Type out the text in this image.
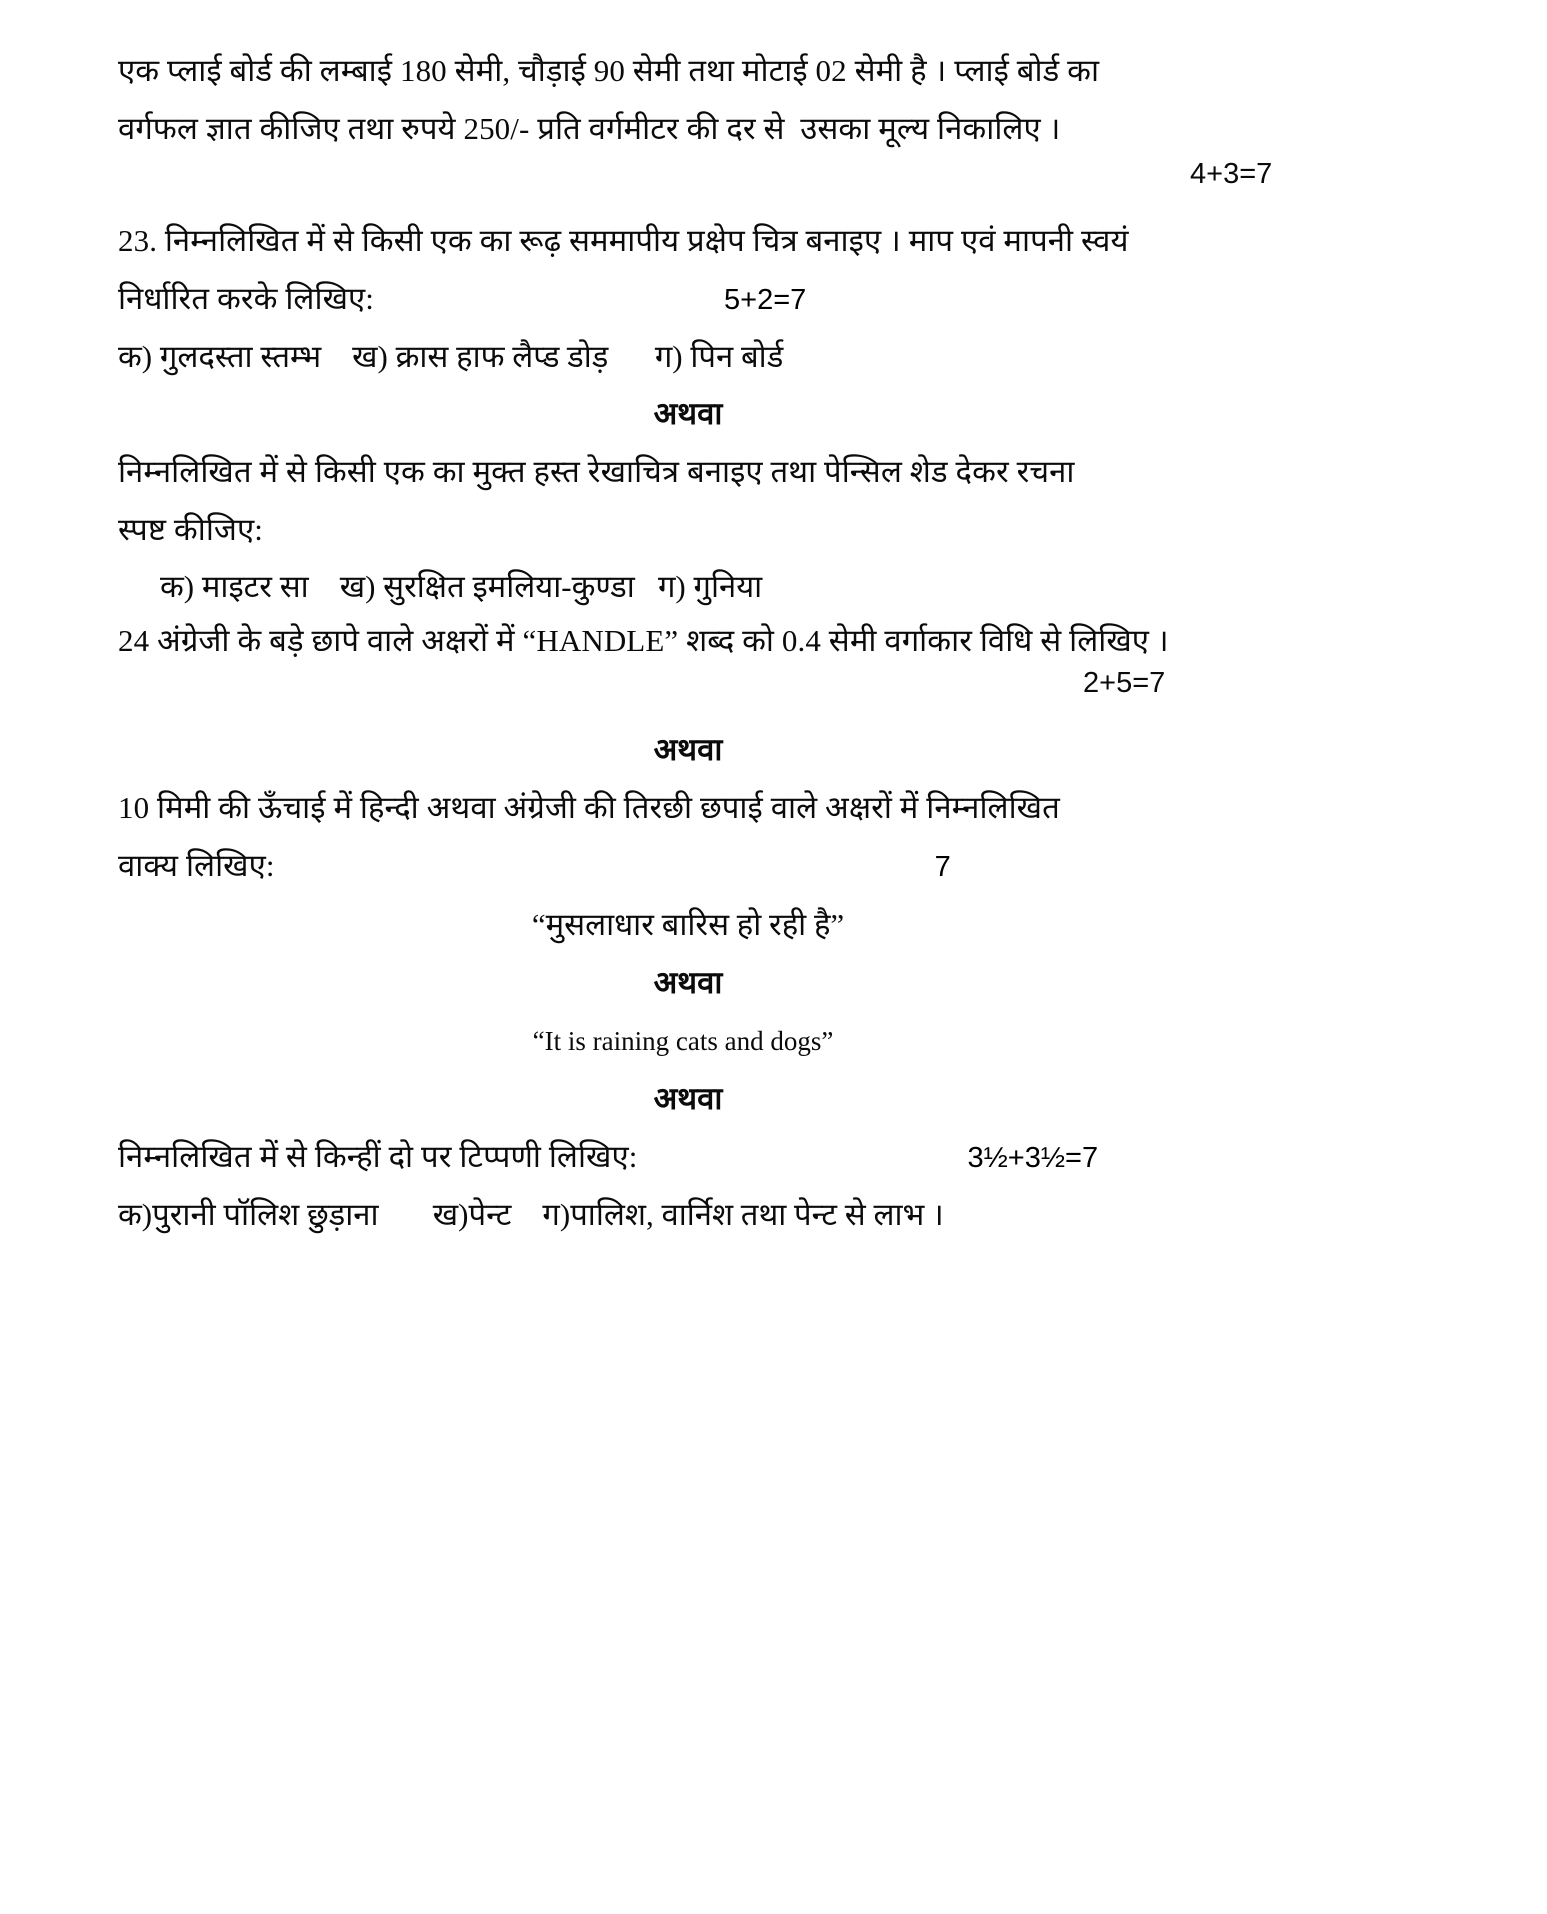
एक प्लाई बोर्ड की लम्बाई 180 सेमी, चौड़ाई 90 सेमी तथा मोटाई 02 सेमी है । प्लाई बोर्ड का
वर्गफल ज्ञात कीजिए तथा रुपये 250/- प्रति वर्गमीटर की दर से  उसका मूल्य निकालिए ।
4+3=7
23. निम्नलिखित में से किसी एक का रूढ़ सममापीय प्रक्षेप चित्र बनाइए । माप एवं मापनी स्वयं
निर्धारित करके लिखिए:	5+2=7
क) गुलदस्ता स्तम्भ    ख) क्रास हाफ लैप्ड डोड़      ग) पिन बोर्ड
अथवा
निम्नलिखित में से किसी एक का मुक्त हस्त रेखाचित्र बनाइए तथा पेन्सिल शेड देकर रचना
स्पष्ट कीजिए:
क) माइटर सा    ख) सुरक्षित इमलिया-कुण्डा   ग) गुनिया
24 अंग्रेजी के बड़े छापे वाले अक्षरों में “HANDLE” शब्द को 0.4 सेमी वर्गाकार विधि से लिखिए ।
2+5=7
अथवा
10 मिमी की ऊँचाई में हिन्दी अथवा अंग्रेजी की तिरछी छपाई वाले अक्षरों में निम्नलिखित
वाक्य लिखिए:	7
“मुसलाधार बारिस हो रही है”
अथवा
“It is raining cats and dogs”
अथवा
निम्नलिखित में से किन्हीं दो पर टिप्पणी लिखिए:	3½+3½=7
क)पुरानी पॉलिश छुड़ाना       ख)पेन्ट    ग)पालिश, वार्निश तथा पेन्ट से लाभ ।
